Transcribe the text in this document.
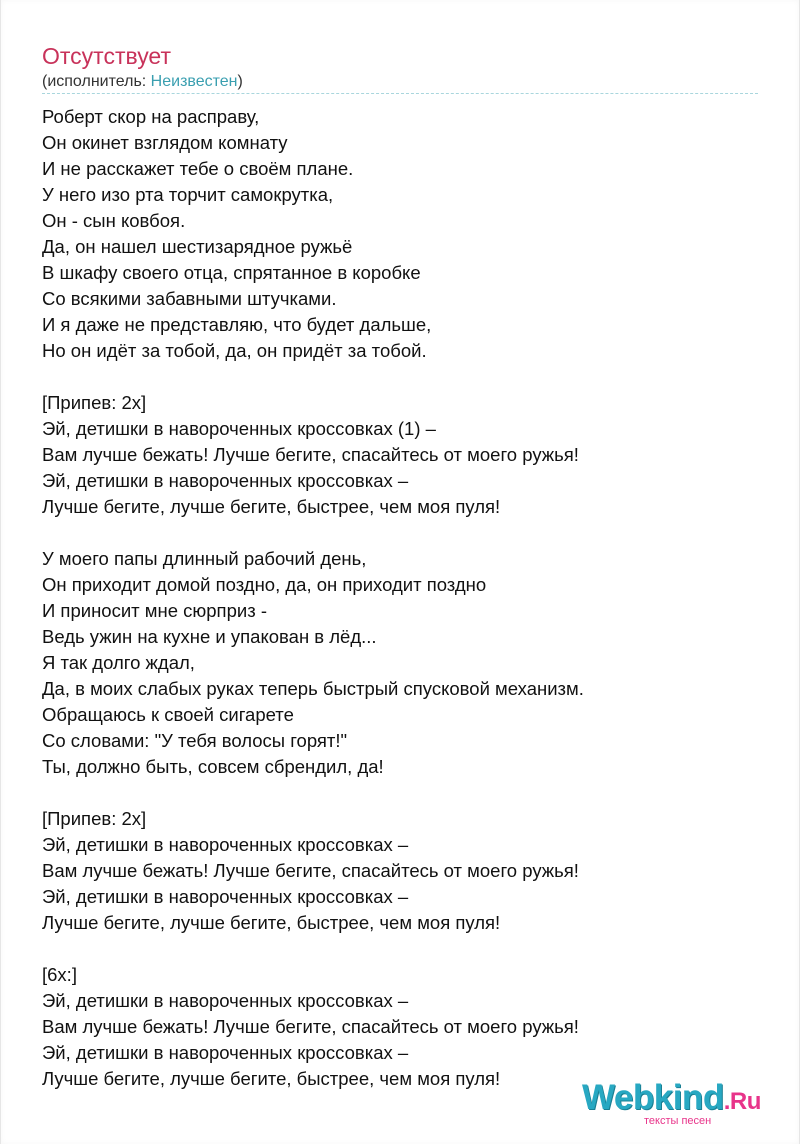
Отсутствует
(исполнитель: Неизвестен)
Роберт скор на расправу,
Он окинет взглядом комнату
И не расскажет тебе о своём плане.
У него изо рта торчит самокрутка,
Он - сын ковбоя.
Да, он нашел шестизарядное ружьё
В шкафу своего отца, спрятанное в коробке
Со всякими забавными штучками.
И я даже не представляю, что будет дальше,
Но он идёт за тобой, да, он придёт за тобой.
[Припев: 2x]
Эй, детишки в навороченных кроссовках (1) –
Вам лучше бежать! Лучше бегите, спасайтесь от моего ружья!
Эй, детишки в навороченных кроссовках –
Лучше бегите, лучше бегите, быстрее, чем моя пуля!
У моего папы длинный рабочий день,
Он приходит домой поздно, да, он приходит поздно
И приносит мне сюрприз -
Ведь ужин на кухне и упакован в лёд...
Я так долго ждал,
Да, в моих слабых руках теперь быстрый спусковой механизм.
Обращаюсь к своей сигарете
Со словами: "У тебя волосы горят!"
Ты, должно быть, совсем сбрендил, да!
[Припев: 2x]
Эй, детишки в навороченных кроссовках –
Вам лучше бежать! Лучше бегите, спасайтесь от моего ружья!
Эй, детишки в навороченных кроссовках –
Лучше бегите, лучше бегите, быстрее, чем моя пуля!
[6x:]
Эй, детишки в навороченных кроссовках –
Вам лучше бежать! Лучше бегите, спасайтесь от моего ружья!
Эй, детишки в навороченных кроссовках –
Лучше бегите, лучше бегите, быстрее, чем моя пуля!	Webkind.Ru
тексты песен
